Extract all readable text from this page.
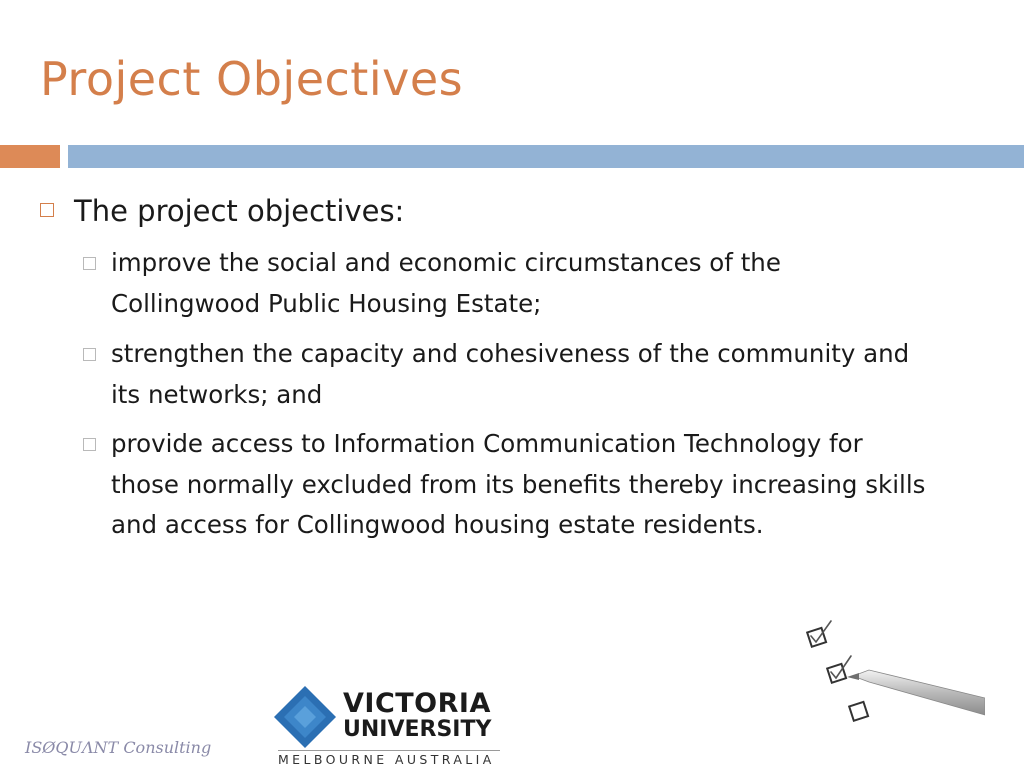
Project Objectives
The project objectives:
improve the social and economic circumstances of the
Collingwood Public Housing Estate;
strengthen the capacity and cohesiveness of the community and
its networks; and
provide access to Information Communication Technology for
those normally excluded from its benefits thereby increasing skills
and access for Collingwood housing estate residents.
VICTORIA
UNIVERSITY
MELBOURNE AUSTRALIA
ISØQUΛNT Consulting
